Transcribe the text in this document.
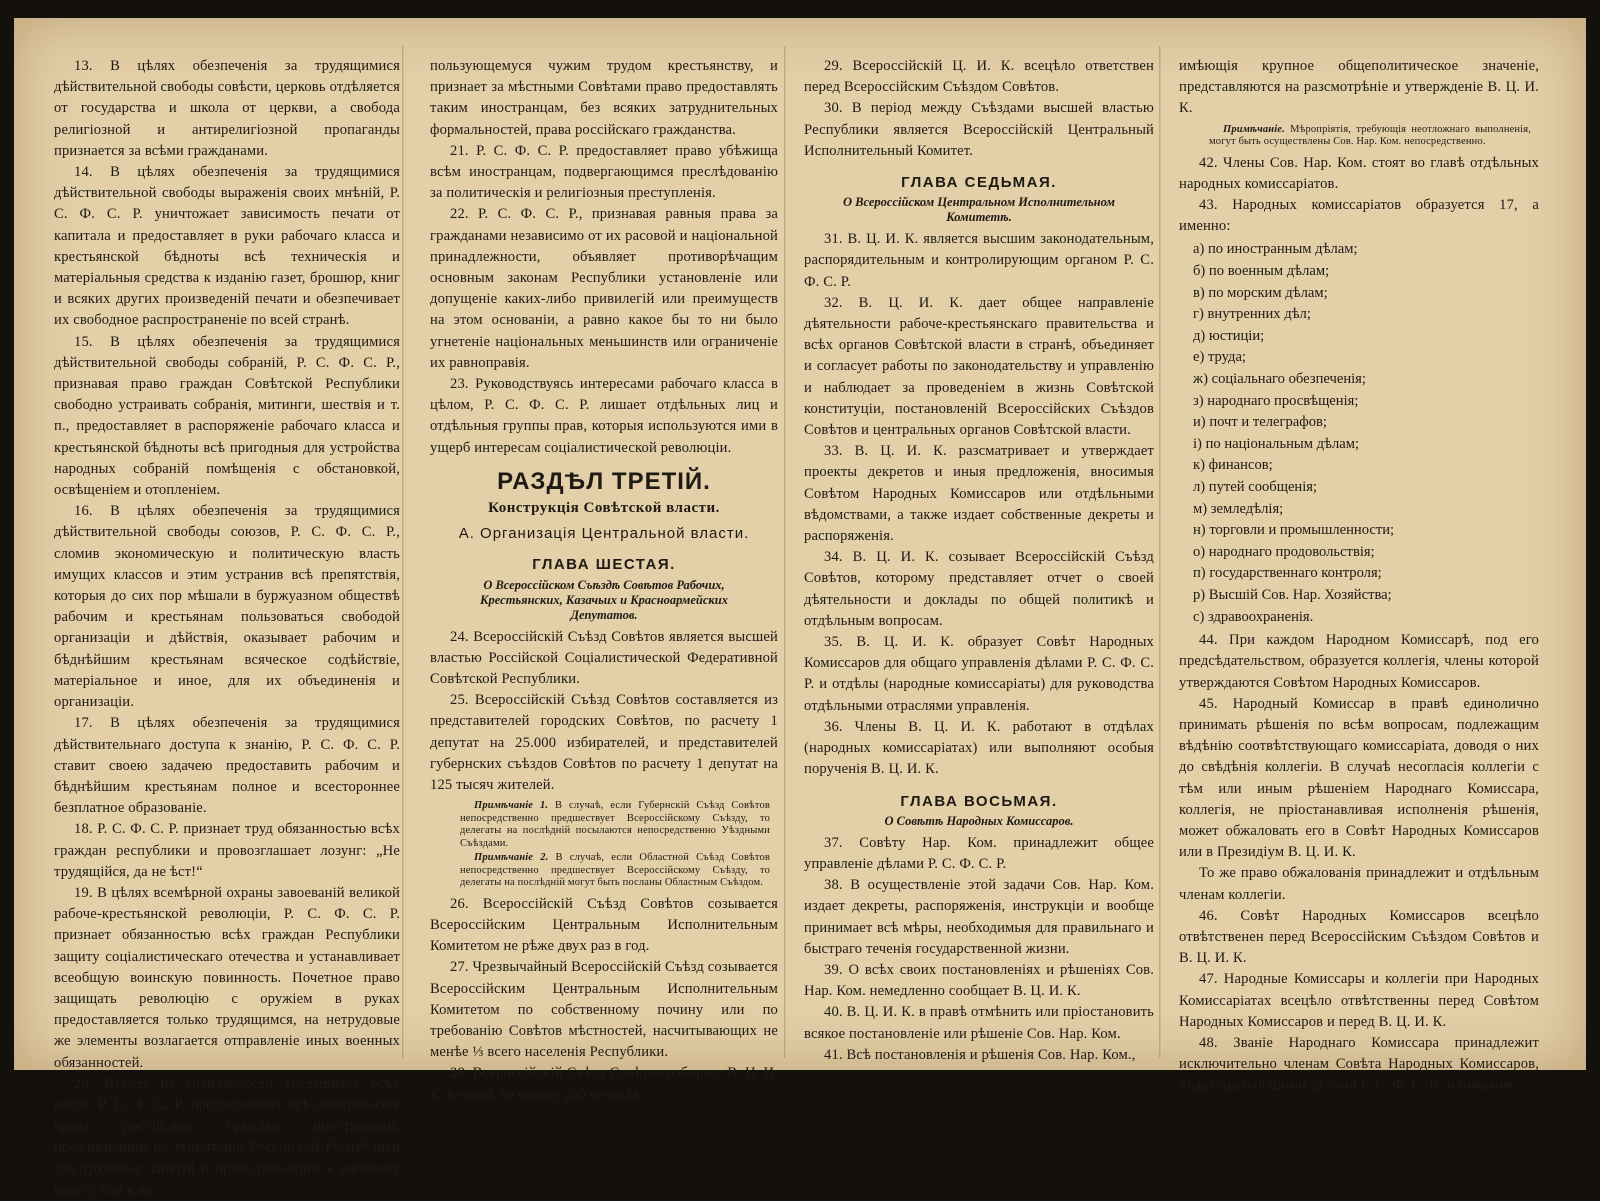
13. В цѣлях обезпеченія за трудящимися дѣйствительной свободы совѣсти, церковь отдѣляется от государства и школа от церкви, а свобода религіозной и антирелигіозной пропаганды признается за всѣми гражданами.

14. В цѣлях обезпеченія за трудящимися дѣйствительной свободы выраженія своих мнѣній, Р. С. Ф. С. Р. уничтожает зависимость печати от капитала и предоставляет в руки рабочаго класса и крестьянской бѣдноты всѣ техническія и матеріальныя средства к изданію газет, брошюр, книг и всяких других произведеній печати и обезпечивает их свободное распространеніе по всей странѣ.

15. В цѣлях обезпеченія за трудящимися дѣйствительной свободы собраній, Р. С. Ф. С. Р., признавая право граждан Совѣтской Республики свободно устраивать собранія, митинги, шествія и т. п., предоставляет в распоряженіе рабочаго класса и крестьянской бѣдноты всѣ пригодныя для устройства народных собраній помѣщенія с обстановкой, освѣщеніем и отопленіем.

16. В цѣлях обезпеченія за трудящимися дѣйствительной свободы союзов, Р. С. Ф. С. Р., сломив экономическую и политическую власть имущих классов и этим устранив всѣ препятствія, которыя до сих пор мѣшали в буржуазном обществѣ рабочим и крестьянам пользоваться свободой организаціи и дѣйствія, оказывает рабочим и бѣднѣйшим крестьянам всяческое содѣйствіе, матеріальное и иное, для их объединенія и организаціи.

17. В цѣлях обезпеченія за трудящимися дѣйствительнаго доступа к знанію, Р. С. Ф. С. Р. ставит своею задачею предоставить рабочим и бѣднѣйшим крестьянам полное и всестороннее безплатное образованіе.

18. Р. С. Ф. С. Р. признает труд обязанностью всѣх граждан республики и провозглашает лозунг: „Не трудящійся, да не ѣст!“

19. В цѣлях всемѣрной охраны завоеваній великой рабоче-крестьянской революціи, Р. С. Ф. С. Р. признает обязанностью всѣх граждан Республики защиту соціалистическаго отечества и устанавливает всеобщую воинскую повинность. Почетное право защищать революцію с оружіем в руках предоставляется только трудящимся, на нетрудовые же элементы возлагается отправленіе иных военных обязанностей.

20. Исходя из солидарности трудящихся всѣх націй, Р. С. Ф. С. Р. предоставляет всѣ политическія права россійских граждан иностранцам, проживающим на территоріи Россійской Республики для трудовых занятій и принадлежащим к рабочему классу или к не

пользующемуся чужим трудом крестьянству, и признает за мѣстными Совѣтами право предоставлять таким иностранцам, без всяких затруднительных формальностей, права россійскаго гражданства.

21. Р. С. Ф. С. Р. предоставляет право убѣжища всѣм иностранцам, подвергающимся преслѣдованію за политическія и религіозныя преступленія.

22. Р. С. Ф. С. Р., признавая равныя права за гражданами независимо от их расовой и національной принадлежности, объявляет противорѣчащим основным законам Республики установленіе или допущеніе каких-либо привилегій или преимуществ на этом основаніи, а равно какое бы то ни было угнетеніе національных меньшинств или ограниченіе их равноправія.

23. Руководствуясь интересами рабочаго класса в цѣлом, Р. С. Ф. С. Р. лишает отдѣльных лиц и отдѣльныя группы прав, которыя используются ими в ущерб интересам соціалистической революціи.

РАЗДѢЛ ТРЕТІЙ.
Конструкція Совѣтской власти.
А. Организація Центральной власти.
ГЛАВА ШЕСТАЯ.
О Всероссійском Съѣздѣ Совѣтов Рабочих, Крестьянских, Казачьих и Красноармейских Депутатов.

24. Всероссійскій Съѣзд Совѣтов является высшей властью Россійской Соціалистической Федеративной Совѣтской Республики.

25. Всероссійскій Съѣзд Совѣтов составляется из представителей городских Совѣтов, по расчету 1 депутат на 25.000 избирателей, и представителей губернских съѣздов Совѣтов по расчету 1 депутат на 125 тысяч жителей.

Примѣчаніе 1. В случаѣ, если Губернскій Съѣзд Совѣтов непосредственно предшествует Всероссійскому Съѣзду, то делегаты на послѣдній посылаются непосредственно Уѣздными Съѣздами.

Примѣчаніе 2. В случаѣ, если Областной Съѣзд Совѣтов непосредственно предшествует Всероссійскому Съѣзду, то делегаты на послѣдній могут быть посланы Областным Съѣздом.

26. Всероссійскій Съѣзд Совѣтов созывается Всероссійским Центральным Исполнительным Комитетом не рѣже двух раз в год.

27. Чрезвычайный Всероссійскій Съѣзд созывается Всероссійским Центральным Исполнительным Комитетом по собственному почину или по требованію Совѣтов мѣстностей, насчитывающих не менѣе ⅓ всего населенія Республики.

28. Всероссійскій Съѣзд Совѣтов избирает В. Ц. И. К. в числѣ не свыше 200 человѣк.

29. Всероссійскій Ц. И. К. всецѣло ответствен перед Всероссійским Съѣздом Совѣтов.

30. В період между Съѣздами высшей властью Республики является Всероссійскій Центральный Исполнительный Комитет.

ГЛАВА СЕДЬМАЯ.
О Всероссійском Центральном Исполнительном Комитетѣ.

31. В. Ц. И. К. является высшим законодательным, распорядительным и контролирующим органом Р. С. Ф. С. Р.

32. В. Ц. И. К. дает общее направленіе дѣятельности рабоче-крестьянскаго правительства и всѣх органов Совѣтской власти в странѣ, объединяет и согласует работы по законодательству и управленію и наблюдает за проведеніем в жизнь Совѣтской конституціи, постановленій Всероссійских Съѣздов Совѣтов и центральных органов Совѣтской власти.

33. В. Ц. И. К. разсматривает и утверждает проекты декретов и иныя предложенія, вносимыя Совѣтом Народных Комиссаров или отдѣльными вѣдомствами, а также издает собственные декреты и распоряженія.

34. В. Ц. И. К. созывает Всероссійскій Съѣзд Совѣтов, которому представляет отчет о своей дѣятельности и доклады по общей политикѣ и отдѣльным вопросам.

35. В. Ц. И. К. образует Совѣт Народных Комиссаров для общаго управленія дѣлами Р. С. Ф. С. Р. и отдѣлы (народные комиссаріаты) для руководства отдѣльными отраслями управленія.

36. Члены В. Ц. И. К. работают в отдѣлах (народных комиссаріатах) или выполняют особыя порученія В. Ц. И. К.

ГЛАВА ВОСЬМАЯ.
О Совѣтѣ Народных Комиссаров.

37. Совѣту Нар. Ком. принадлежит общее управленіе дѣлами Р. С. Ф. С. Р.

38. В осуществленіе этой задачи Сов. Нар. Ком. издает декреты, распоряженія, инструкціи и вообще принимает всѣ мѣры, необходимыя для правильнаго и быстраго теченія государственной жизни.

39. О всѣх своих постановленіях и рѣшеніях Сов. Нар. Ком. немедленно сообщает В. Ц. И. К.

40. В. Ц. И. К. в правѣ отмѣнить или пріостановить всякое постановленіе или рѣшеніе Сов. Нар. Ком.

41. Всѣ постановленія и рѣшенія Сов. Нар. Ком.,

имѣющія крупное общеполитическое значеніе, представляются на разсмотрѣніе и утвержденіе В. Ц. И. К.

Примѣчаніе. Мѣропріятія, требующія неотложнаго выполненія, могут быть осуществлены Сов. Нар. Ком. непосредственно.

42. Члены Сов. Нар. Ком. стоят во главѣ отдѣльных народных комиссаріатов.

43. Народных комиссаріатов образуется 17, а именно:

а) по иностранным дѣлам;
б) по военным дѣлам;
в) по морским дѣлам;
г) внутренних дѣл;
д) юстиціи;
е) труда;
ж) соціальнаго обезпеченія;
з) народнаго просвѣщенія;
и) почт и телеграфов;
і) по національным дѣлам;
к) финансов;
л) путей сообщенія;
м) земледѣлія;
н) торговли и промышленности;
о) народнаго продовольствія;
п) государственнаго контроля;
р) Высшій Сов. Нар. Хозяйства;
с) здравоохраненія.

44. При каждом Народном Комиссарѣ, под его предсѣдательством, образуется коллегія, члены которой утверждаются Совѣтом Народных Комиссаров.

45. Народный Комиссар в правѣ единолично принимать рѣшенія по всѣм вопросам, подлежащим вѣдѣнію соотвѣтствующаго комиссаріата, доводя о них до свѣдѣнія коллегіи. В случаѣ несогласія коллегіи с тѣм или иным рѣшеніем Народнаго Комиссара, коллегія, не пріостанавливая исполненія рѣшенія, может обжаловать его в Совѣт Народных Комиссаров или в Президіум В. Ц. И. К.

То же право обжалованія принадлежит и отдѣльным членам коллегіи.

46. Совѣт Народных Комиссаров всецѣло отвѣтственен перед Всероссійским Съѣздом Совѣтов и В. Ц. И. К.

47. Народные Комиссары и коллегіи при Народных Комиссаріатах всецѣло отвѣтственны перед Совѣтом Народных Комиссаров и перед В. Ц. И. К.

48. Званіе Народнаго Комиссара принадлежит исключительно членам Совѣта Народных Комиссаров, вѣдающаго общими дѣлами Р. С. Ф. С. Р., и никаким
